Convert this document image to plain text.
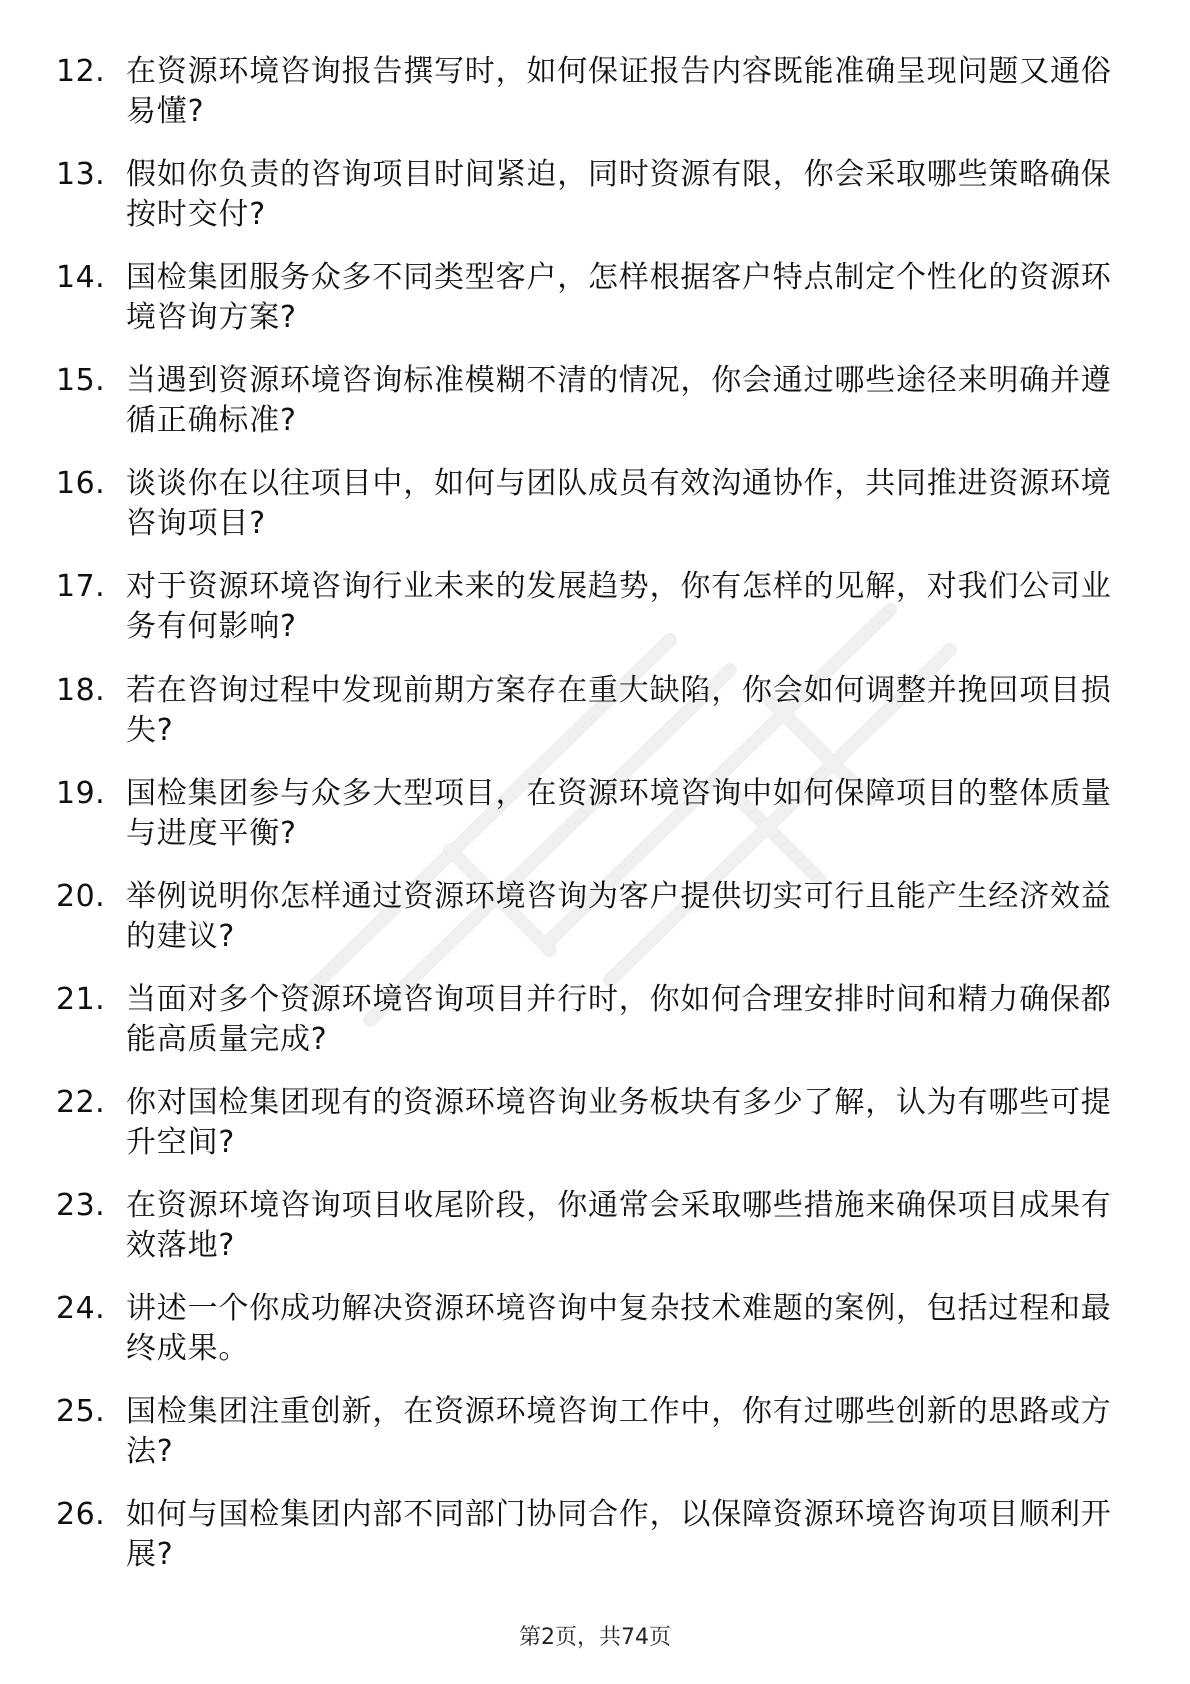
12. 在资源环境咨询报告撰写时，如何保证报告内容既能准确呈现问题又通俗易懂?
13. 假如你负责的咨询项目时间紧迫，同时资源有限，你会采取哪些策略确保按时交付?
14. 国检集团服务众多不同类型客户，怎样根据客户特点制定个性化的资源环境咨询方案?
15. 当遇到资源环境咨询标准模糊不清的情况，你会通过哪些途径来明确并遵循正确标准?
16. 谈谈你在以往项目中，如何与团队成员有效沟通协作，共同推进资源环境咨询项目?
17. 对于资源环境咨询行业未来的发展趋势，你有怎样的见解，对我们公司业务有何影响?
18. 若在咨询过程中发现前期方案存在重大缺陷，你会如何调整并挽回项目损失?
19. 国检集团参与众多大型项目，在资源环境咨询中如何保障项目的整体质量与进度平衡?
20. 举例说明你怎样通过资源环境咨询为客户提供切实可行且能产生经济效益的建议?
21. 当面对多个资源环境咨询项目并行时，你如何合理安排时间和精力确保都能高质量完成?
22. 你对国检集团现有的资源环境咨询业务板块有多少了解，认为有哪些可提升空间?
23. 在资源环境咨询项目收尾阶段，你通常会采取哪些措施来确保项目成果有效落地?
24. 讲述一个你成功解决资源环境咨询中复杂技术难题的案例，包括过程和最终成果。
25. 国检集团注重创新，在资源环境咨询工作中，你有过哪些创新的思路或方法?
26. 如何与国检集团内部不同部门协同合作，以保障资源环境咨询项目顺利开展?
第2页，共74页
